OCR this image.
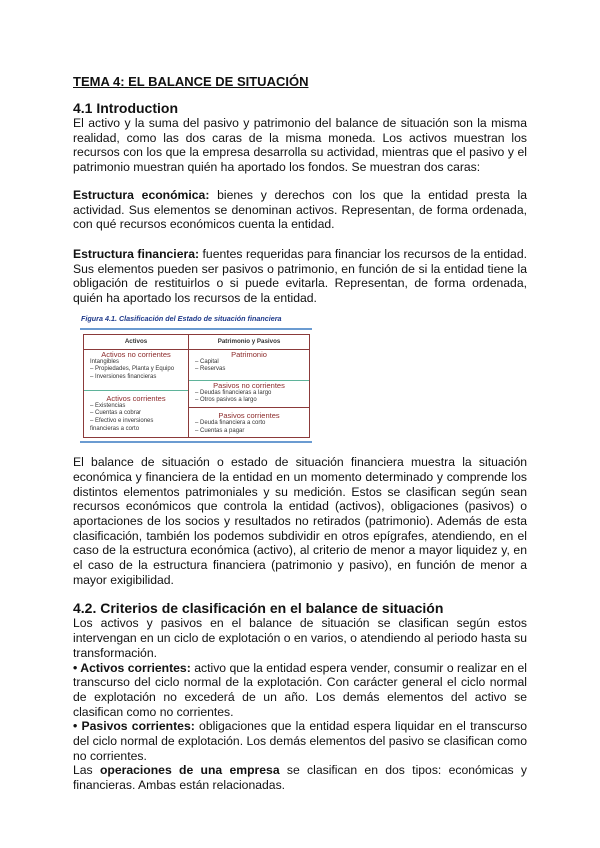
TEMA 4: EL BALANCE DE SITUACIÓN
4.1 Introduction

El activo y la suma del pasivo y patrimonio del balance de situación son la misma realidad, como las dos caras de la misma moneda. Los activos muestran los recursos con los que la empresa desarrolla su actividad, mientras que el pasivo y el patrimonio muestran quién ha aportado los fondos. Se muestran dos caras:

Estructura económica: bienes y derechos con los que la entidad presta la actividad. Sus elementos se denominan activos. Representan, de forma ordenada, con qué recursos económicos cuenta la entidad.

Estructura financiera: fuentes requeridas para financiar los recursos de la entidad. Sus elementos pueden ser pasivos o patrimonio, en función de si la entidad tiene la obligación de restituirlos o si puede evitarla. Representan, de forma ordenada, quién ha aportado los recursos de la entidad.

Figura 4.1. Clasificación del Estado de situación financiera
Activos	Patrimonio y Pasivos
Activos no corrientes
Intangibles
– Propiedades, Planta y Equipo
– Inversiones financieras
Activos corrientes
– Existencias
– Cuentas a cobrar
– Efectivo e inversiones
financieras a corto
Patrimonio
– Capital
– Reservas
Pasivos no corrientes
– Deudas financieras a largo
– Otros pasivos a largo
Pasivos corrientes
– Deuda financiera a corto
– Cuentas a pagar

El balance de situación o estado de situación financiera muestra la situación económica y financiera de la entidad en un momento determinado y comprende los distintos elementos patrimoniales y su medición. Estos se clasifican según sean recursos económicos que controla la entidad (activos), obligaciones (pasivos) o aportaciones de los socios y resultados no retirados (patrimonio). Además de esta clasificación, también los podemos subdividir en otros epígrafes, atendiendo, en el caso de la estructura económica (activo), al criterio de menor a mayor liquidez y, en el caso de la estructura financiera (patrimonio y pasivo), en función de menor a mayor exigibilidad.

4.2. Criterios de clasificación en el balance de situación

Los activos y pasivos en el balance de situación se clasifican según estos intervengan en un ciclo de explotación o en varios, o atendiendo al periodo hasta su transformación.

• Activos corrientes: activo que la entidad espera vender, consumir o realizar en el transcurso del ciclo normal de la explotación. Con carácter general el ciclo normal de explotación no excederá de un año. Los demás elementos del activo se clasifican como no corrientes.

• Pasivos corrientes: obligaciones que la entidad espera liquidar en el transcurso del ciclo normal de explotación. Los demás elementos del pasivo se clasifican como no corrientes.

Las operaciones de una empresa se clasifican en dos tipos: económicas y financieras. Ambas están relacionadas.
